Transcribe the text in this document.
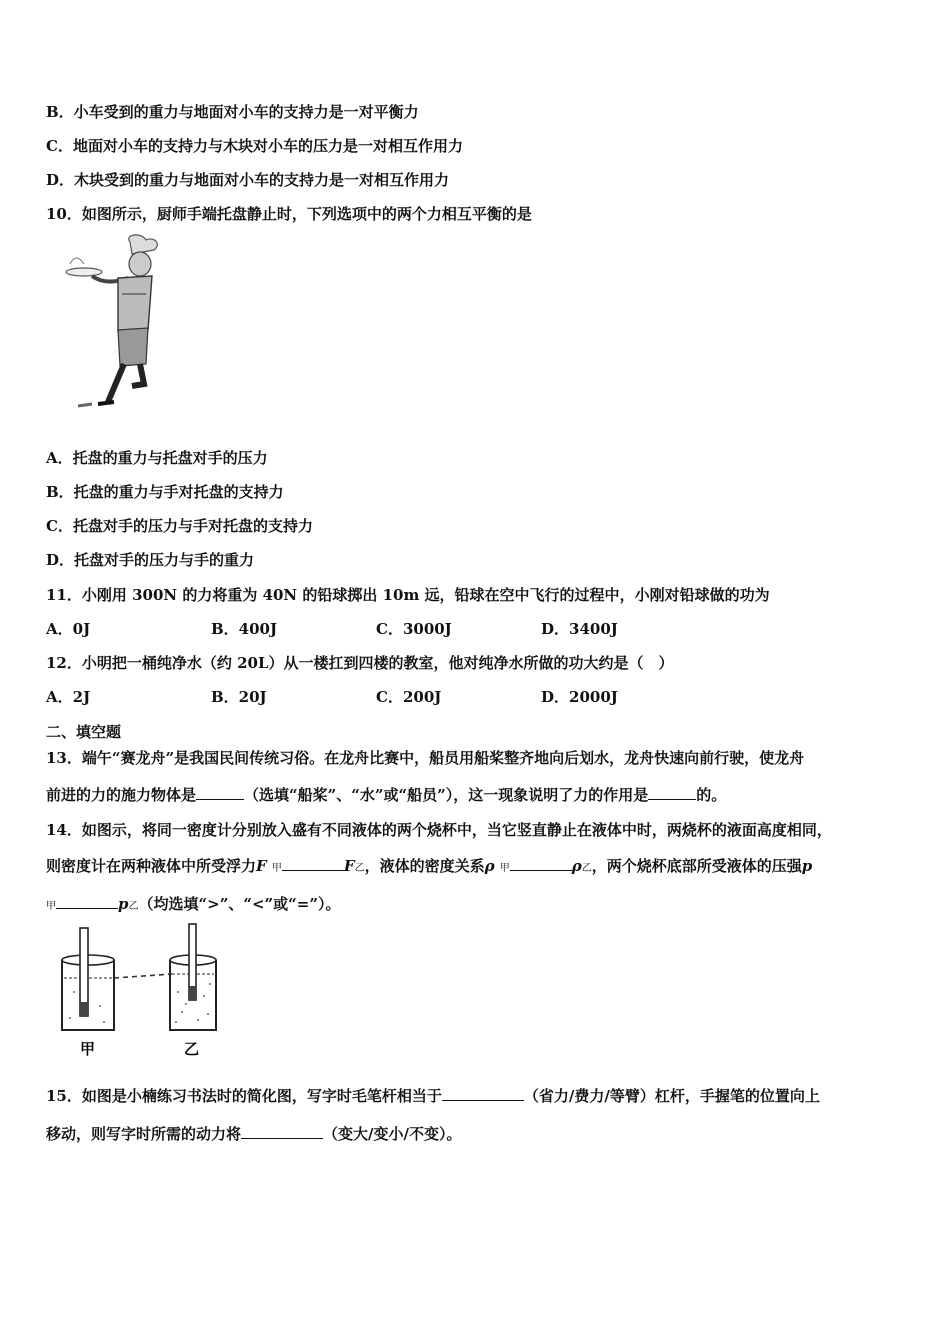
B．小车受到的重力与地面对小车的支持力是一对平衡力
C．地面对小车的支持力与木块对小车的压力是一对相互作用力
D．木块受到的重力与地面对小车的支持力是一对相互作用力
10．如图所示，厨师手端托盘静止时，下列选项中的两个力相互平衡的是
A．托盘的重力与托盘对手的压力
B．托盘的重力与手对托盘的支持力
C．托盘对手的压力与手对托盘的支持力
D．托盘对手的压力与手的重力
11．小刚用 300N 的力将重为 40N 的铅球掷出 10m 远，铅球在空中飞行的过程中，小刚对铅球做的功为
A．0J	B．400J	C．3000J	D．3400J
12．小明把一桶纯净水（约 20L）从一楼扛到四楼的教室，他对纯净水所做的功大约是（　）
A．2J	B．20J	C．200J	D．2000J
二、填空题
13．端午“赛龙舟”是我国民间传统习俗。在龙舟比赛中，船员用船桨整齐地向后划水，龙舟快速向前行驶，使龙舟
前进的力的施力物体是	（选填“船桨”、“水”或“船员”），这一现象说明了力的作用是	的。
14．如图示，将同一密度计分别放入盛有不同液体的两个烧杯中，当它竖直静止在液体中时，两烧杯的液面高度相同，
则密度计在两种液体中所受浮力F 甲	F乙，液体的密度关系ρ 甲	ρ乙，两个烧杯底部所受液体的压强p
甲	p乙（均选填“>”、“<”或“=”）。
甲	乙
15．如图是小楠练习书法时的简化图，写字时毛笔杆相当于	（省力/费力/等臂）杠杆，手握笔的位置向上
移动，则写字时所需的动力将	（变大/变小/不变）。
